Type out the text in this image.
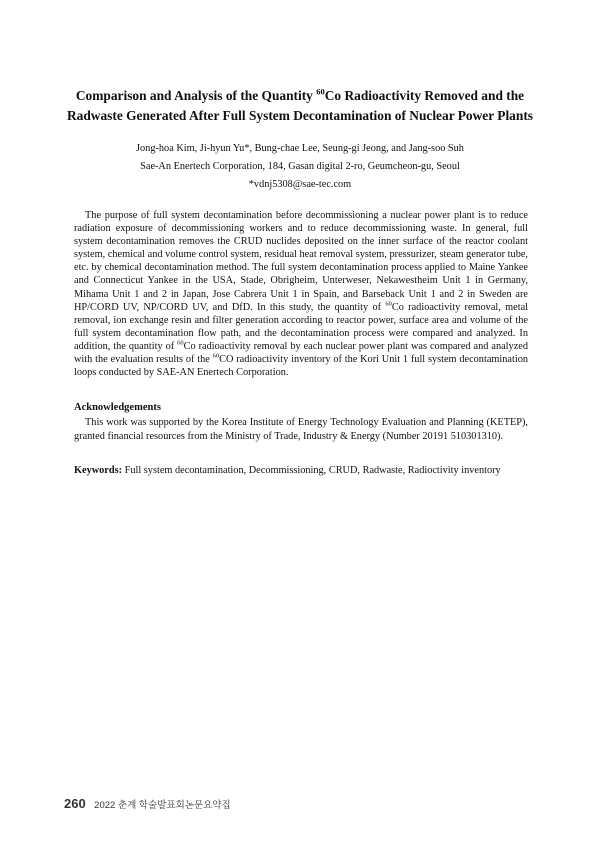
Comparison and Analysis of the Quantity $^{60}$Co Radioactivity Removed and the
Radwaste Generated After Full System Decontamination of Nuclear Power Plants
Jong-hoa Kim, Ji-hyun Yu*, Bung-chae Lee, Seung-gi Jeong, and Jang-soo Suh
Sae-An Enertech Corporation, 184, Gasan digital 2-ro, Geumcheon-gu, Seoul
*vdnj5308@sae-tec.com
The purpose of full system decontamination before decommissioning a nuclear power plant is to reduce radiation exposure of decommissioning workers and to reduce decommissioning waste. In general, full system decontamination removes the CRUD nuclides deposited on the inner surface of the reactor coolant system, chemical and volume control system, residual heat removal system, pressurizer, steam generator tube, etc. by chemical decontamination method. The full system decontamination process applied to Maine Yankee and Connecticut Yankee in the USA, Stade, Obrigheim, Unterweser, Nekawestheim Unit 1 in Germany, Mihama Unit 1 and 2 in Japan, Jose Cabrera Unit 1 in Spain, and Barseback Unit 1 and 2 in Sweden are HP/CORD UV, NP/CORD UV, and DfD. In this study, the quantity of $^{60}$Co radioactivity removal, metal removal, ion exchange resin and filter generation according to reactor power, surface area and volume of the full system decontamination flow path, and the decontamination process were compared and analyzed. In addition, the quantity of $^{60}$Co radioactivity removal by each nuclear power plant was compared and analyzed with the evaluation results of the $^{60}$CO radioactivity inventory of the Kori Unit 1 full system decontamination loops conducted by SAE-AN Enertech Corporation.
Acknowledgements
This work was supported by the Korea Institute of Energy Technology Evaluation and Planning (KETEP), granted financial resources from the Ministry of Trade, Industry & Energy (Number 20191 510301310).
Keywords: Full system decontamination, Decommissioning, CRUD, Radwaste, Radioctivity inventory
260 2022 춘계 학술발표회논문요약집
